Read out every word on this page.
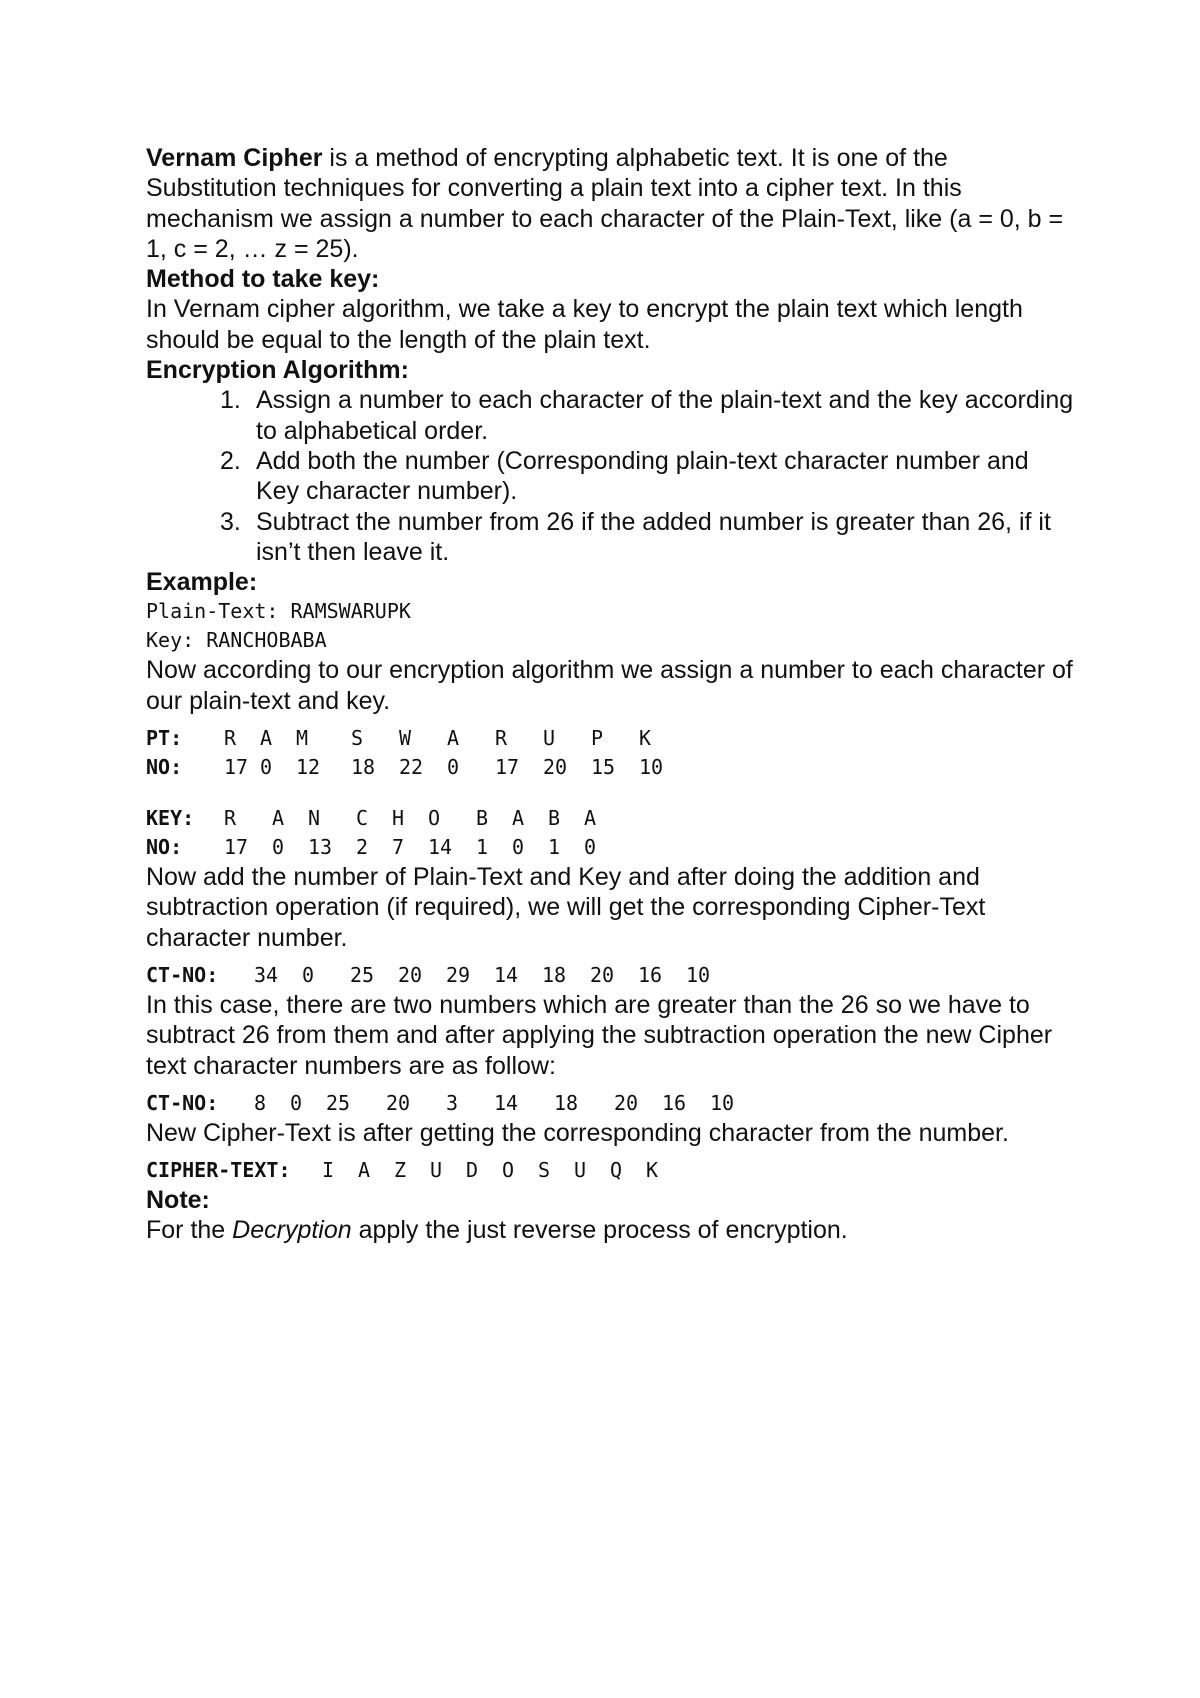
Vernam Cipher is a method of encrypting alphabetic text. It is one of the Substitution techniques for converting a plain text into a cipher text. In this mechanism we assign a number to each character of the Plain-Text, like (a = 0, b = 1, c = 2, … z = 25).

Method to take key:

In Vernam cipher algorithm, we take a key to encrypt the plain text which length should be equal to the length of the plain text.

Encryption Algorithm:

1. Assign a number to each character of the plain-text and the key according to alphabetical order.
2. Add both the number (Corresponding plain-text character number and Key character number).
3. Subtract the number from 26 if the added number is greater than 26, if it isn’t then leave it.

Example:

Plain-Text: RAMSWARUPK
Key: RANCHOBABA

Now according to our encryption algorithm we assign a number to each character of our plain-text and key.

PT:	R A M S W A R U P K
NO:	17 0 12 18 22 0 17 20 15 10
KEY:	R A N C H O B A B A
NO:	17 0 13 2 7 14 1 0 1 0

Now add the number of Plain-Text and Key and after doing the addition and subtraction operation (if required), we will get the corresponding Cipher-Text character number.

CT-NO:	34 0 25 20 29 14 18 20 16 10

In this case, there are two numbers which are greater than the 26 so we have to subtract 26 from them and after applying the subtraction operation the new Cipher text character numbers are as follow:

CT-NO:	8 0 25 20 3 14 18 20 16 10

New Cipher-Text is after getting the corresponding character from the number.

CIPHER-TEXT:	I A Z U D O S U Q K

Note:

For the Decryption apply the just reverse process of encryption.
